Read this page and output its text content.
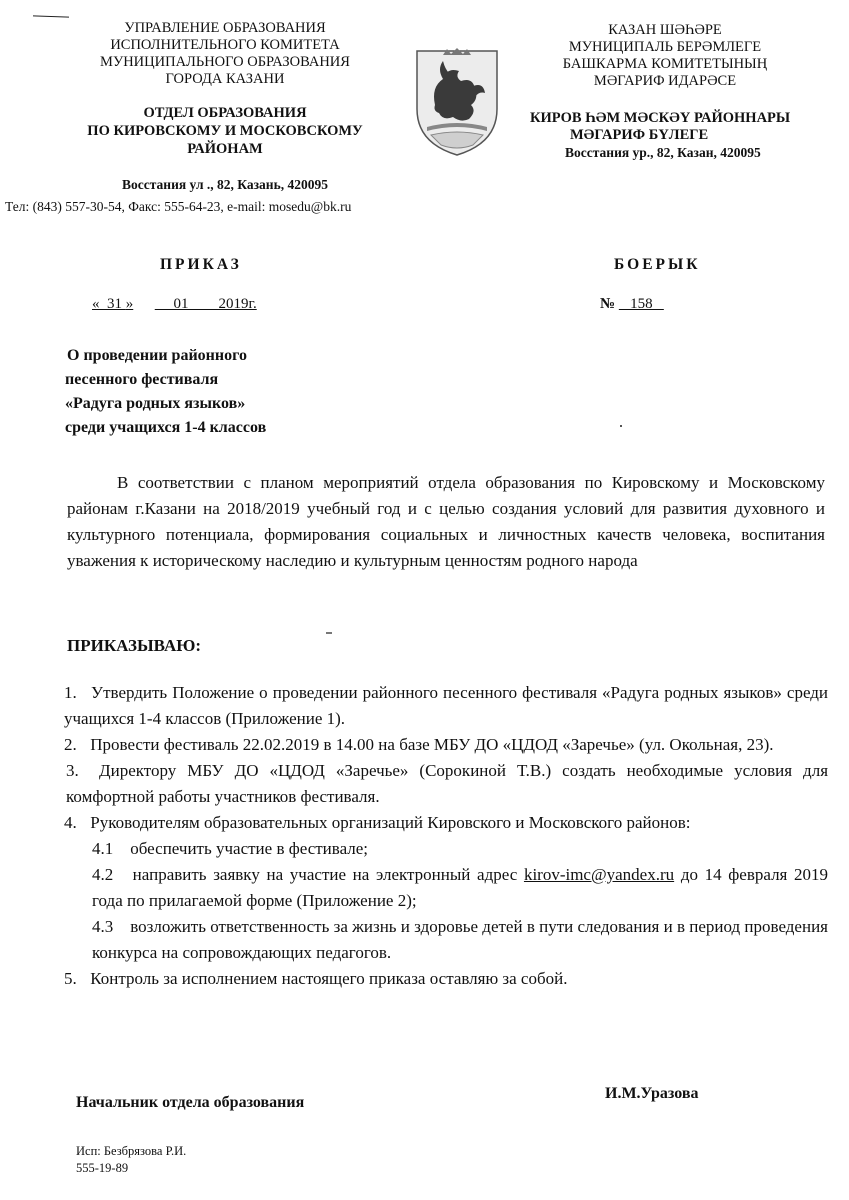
УПРАВЛЕНИЕ ОБРАЗОВАНИЯ
ИСПОЛНИТЕЛЬНОГО КОМИТЕТА
МУНИЦИПАЛЬНОГО ОБРАЗОВАНИЯ
ГОРОДА КАЗАНИ
ОТДЕЛ ОБРАЗОВАНИЯ
ПО КИРОВСКОМУ И МОСКОВСКОМУ
РАЙОНАМ
Восстания ул ., 82, Казань, 420095
Тел: (843) 557-30-54, Факс: 555-64-23, e-mail: mosedu@bk.ru
КАЗАН ШӘҺӘРЕ
МУНИЦИПАЛЬ БЕРӘМЛЕГЕ
БАШКАРМА КОМИТЕТЫНЫҢ
МӘГАРИФ ИДАРӘСЕ
КИРОВ ҺӘМ МӘСКӘҮ РАЙОННАРЫ
МӘГАРИФ БҮЛЕГЕ
Восстания ур., 82, Казан, 420095
ПРИКАЗ	БОЕРЫК
«  31 »       01        2019г.	№    158
О проведении районного
песенного фестиваля
«Радуга родных языков»
среди учащихся 1-4 классов
В соответствии с планом мероприятий отдела образования по Кировскому и Московскому районам г.Казани на 2018/2019 учебный год и с целью создания условий для развития духовного и культурного потенциала, формирования социальных и личностных качеств человека, воспитания уважения к историческому наследию и культурным ценностям родного народа
ПРИКАЗЫВАЮ:
1. Утвердить Положение о проведении районного песенного фестиваля «Радуга родных языков» среди учащихся 1-4 классов (Приложение 1).
2. Провести фестиваль 22.02.2019 в 14.00 на базе МБУ ДО «ЦДОД «Заречье» (ул. Окольная, 23).
3. Директору МБУ ДО «ЦДОД «Заречье» (Сорокиной Т.В.) создать необходимые условия для комфортной работы участников фестиваля.
4. Руководителям образовательных организаций Кировского и Московского районов:
4.1 обеспечить участие в фестивале;
4.2 направить заявку на участие на электронный адрес kirov-imc@yandex.ru до 14 февраля 2019 года по прилагаемой форме (Приложение 2);
4.3 возложить ответственность за жизнь и здоровье детей в пути следования и в период проведения конкурса на сопровождающих педагогов.
5. Контроль за исполнением настоящего приказа оставляю за собой.
Начальник отдела образования
И.М.Уразова
Исп: Безбрязова Р.И.
555-19-89
